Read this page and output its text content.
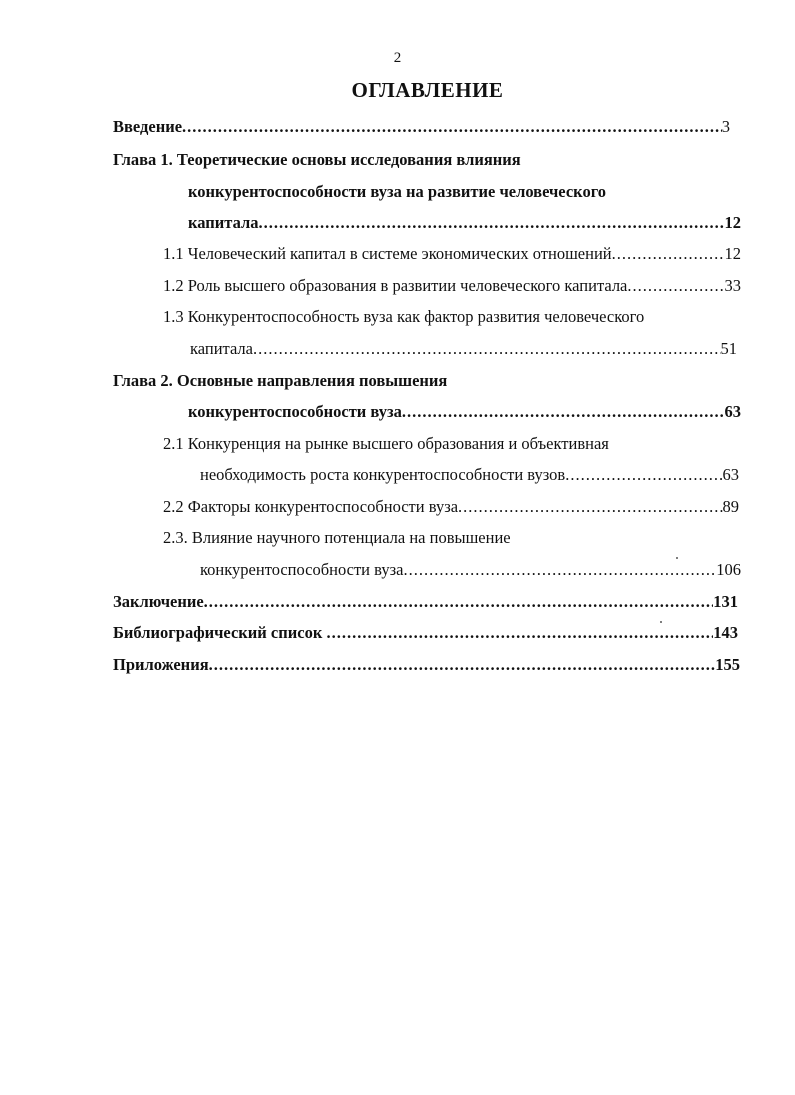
2
ОГЛАВЛЕНИЕ
Введение .....	3
Глава 1. Теоретические основы исследования влияния
конкурентоспособности вуза на развитие человеческого
капитала .....	12
1.1 Человеческий капитал в системе экономических отношений .....	12
1.2 Роль высшего образования в развитии человеческого капитала .....	33
1.3 Конкурентоспособность вуза как фактор развития человеческого
капитала .....	51
Глава 2. Основные направления повышения
конкурентоспособности вуза .....	63
2.1 Конкуренция на рынке высшего образования и объективная
необходимость роста конкурентоспособности вузов .....	63
2.2 Факторы конкурентоспособности вуза .....	89
2.3. Влияние научного потенциала на повышение
конкурентоспособности вуза .....	106
Заключение .....	131
Библиографический список .....	143
Приложения .....	155
